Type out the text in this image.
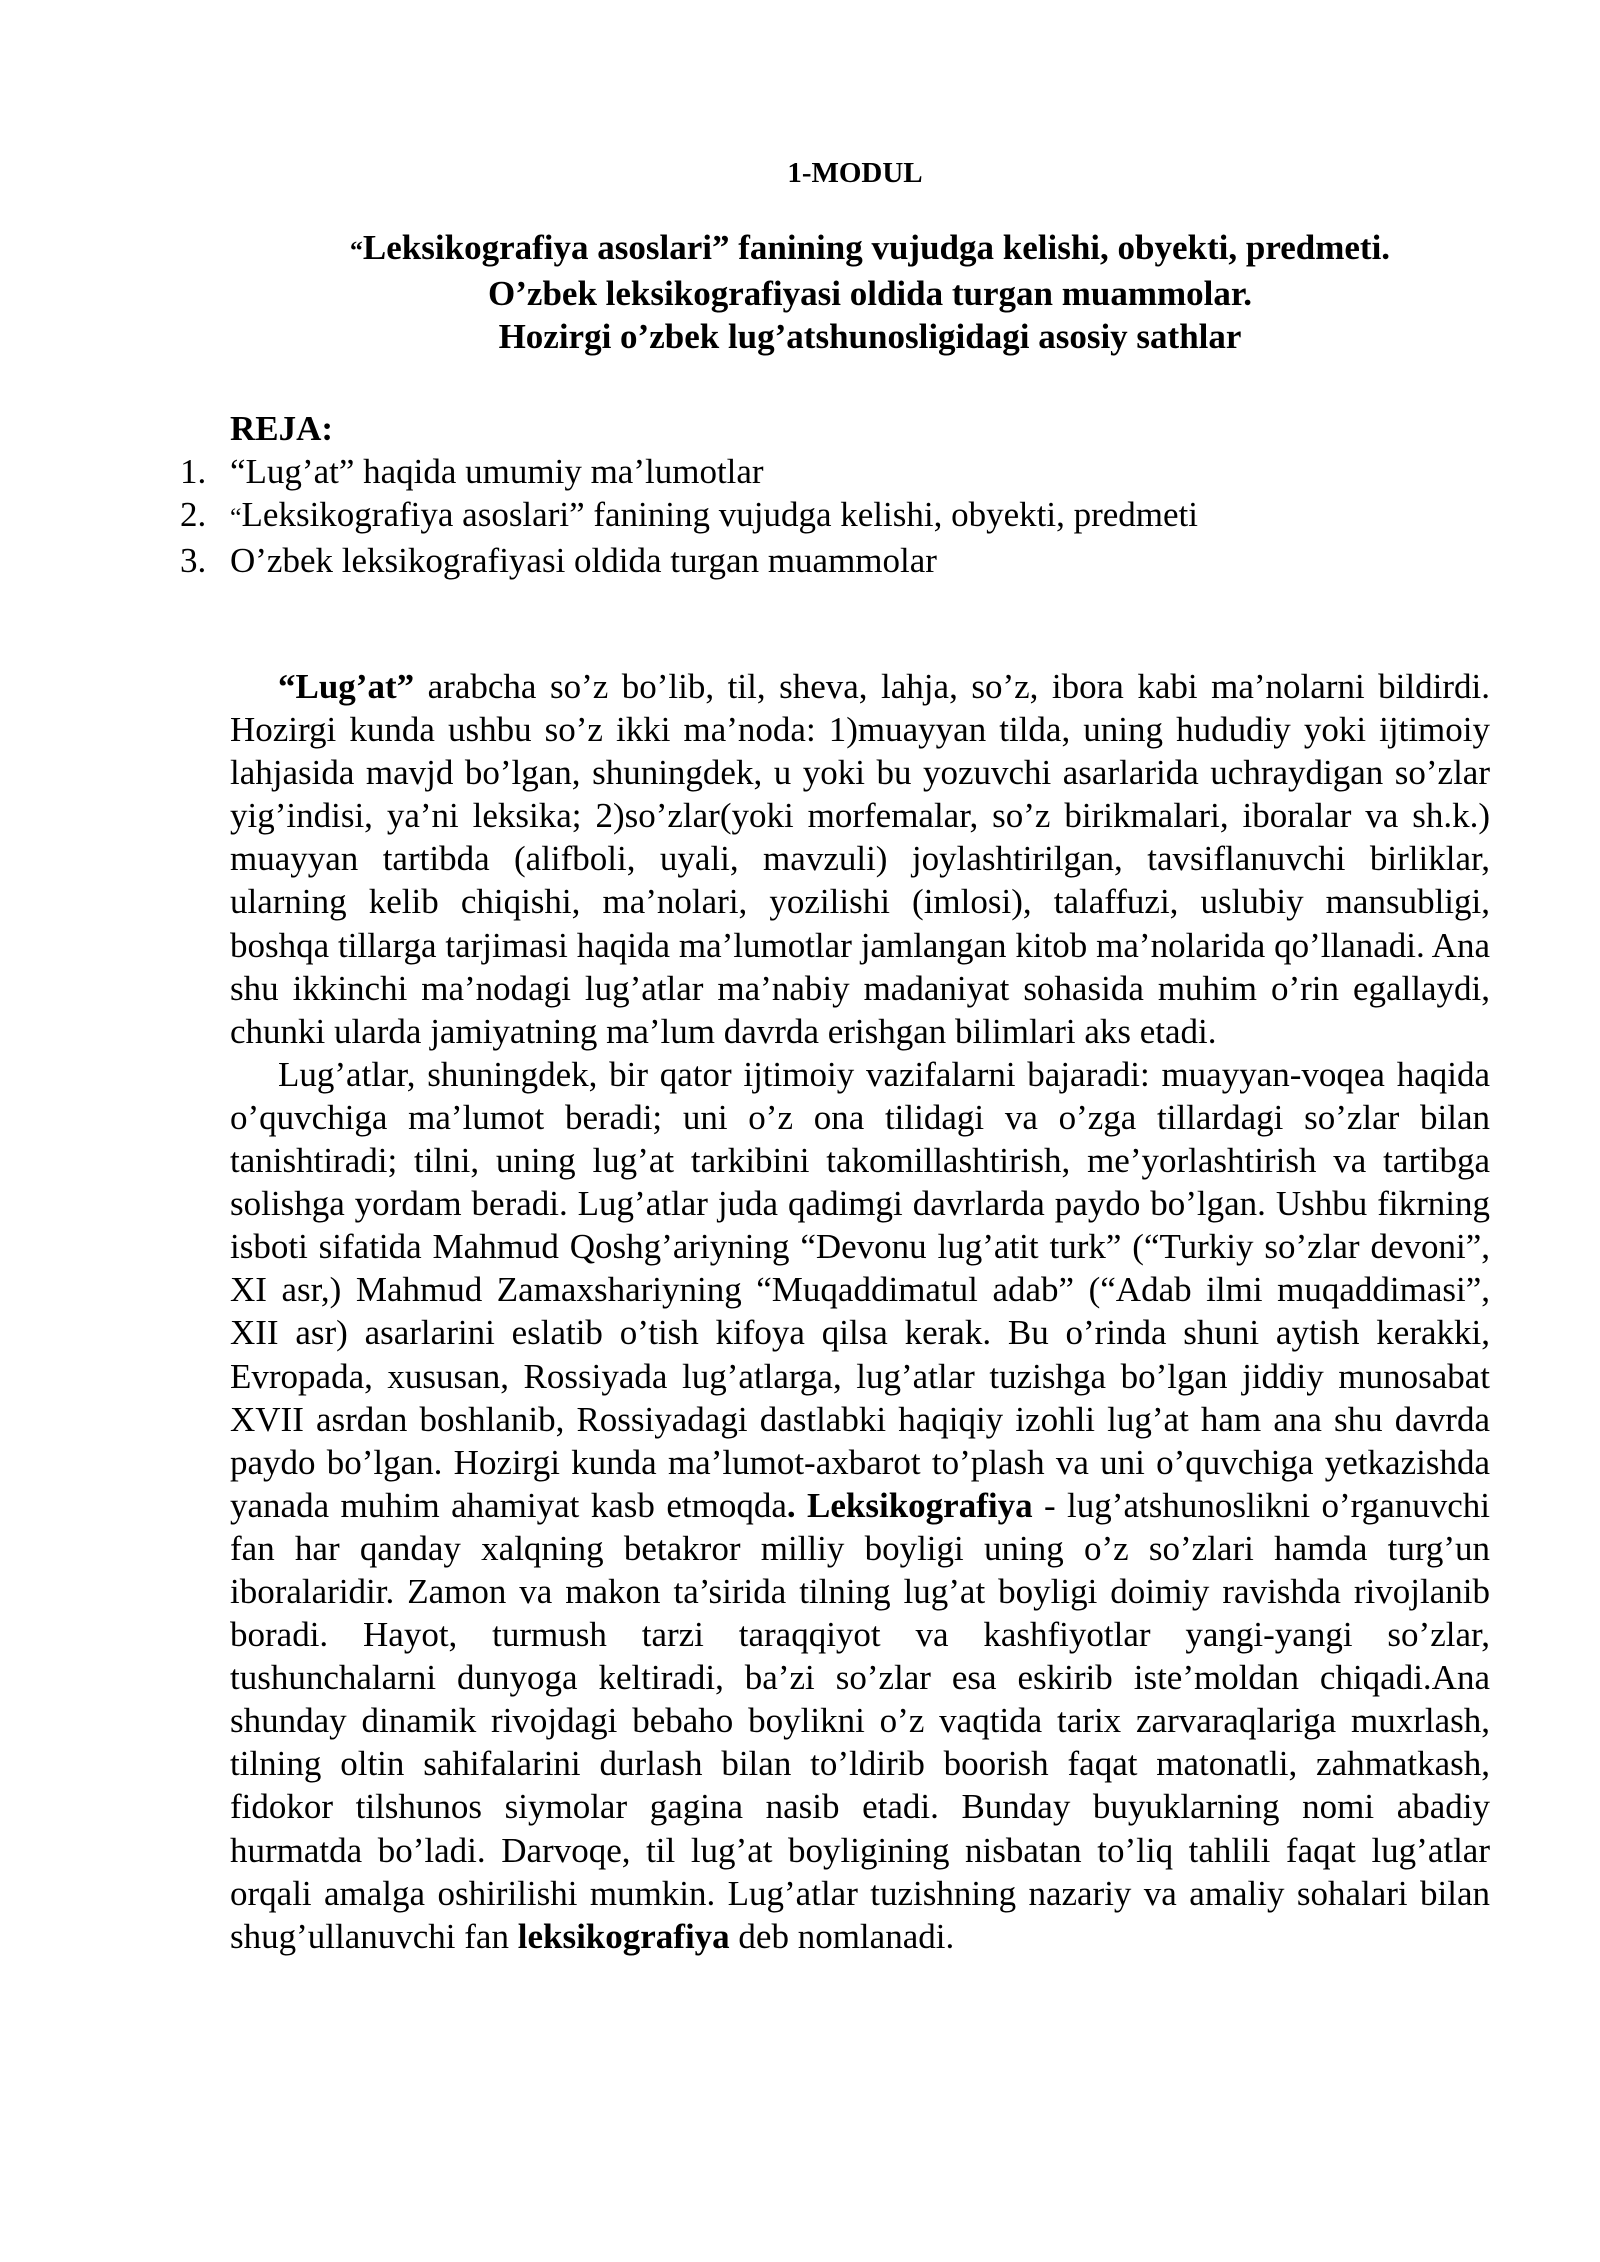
1-MODUL
“Leksikografiya asoslari” fanining vujudga kelishi, obyekti, predmeti.
O’zbek leksikografiyasi oldida turgan muammolar.
Hozirgi o’zbek lug’atshunosligidagi asosiy sathlar
REJA:
1. “Lug’at” haqida umumiy ma’lumotlar
2. “Leksikografiya asoslari” fanining vujudga kelishi, obyekti, predmeti
3. O’zbek leksikografiyasi oldida turgan muammolar

“Lug’at” arabcha so’z bo’lib, til, sheva, lahja, so’z, ibora kabi ma’nolarni bildirdi. Hozirgi kunda ushbu so’z ikki ma’noda: 1)muayyan tilda, uning hududiy yoki ijtimoiy lahjasida mavjd bo’lgan, shuningdek, u yoki bu yozuvchi asarlarida uchraydigan so’zlar yig’indisi, ya’ni leksika; 2)so’zlar(yoki morfemalar, so’z birikmalari, iboralar va sh.k.) muayyan tartibda (alifboli, uyali, mavzuli) joylashtirilgan, tavsiflanuvchi birliklar, ularning kelib chiqishi, ma’nolari, yozilishi (imlosi), talaffuzi, uslubiy mansubligi, boshqa tillarga tarjimasi haqida ma’lumotlar jamlangan kitob ma’nolarida qo’llanadi. Ana shu ikkinchi ma’nodagi lug’atlar ma’nabiy madaniyat sohasida muhim o’rin egallaydi, chunki ularda jamiyatning ma’lum davrda erishgan bilimlari aks etadi.

Lug’atlar, shuningdek, bir qator ijtimoiy vazifalarni bajaradi: muayyan-voqea haqida o’quvchiga ma’lumot beradi; uni o’z ona tilidagi va o’zga tillardagi so’zlar bilan tanishtiradi; tilni, uning lug’at tarkibini takomillashtirish, me’yorlashtirish va tartibga solishga yordam beradi. Lug’atlar juda qadimgi davrlarda paydo bo’lgan. Ushbu fikrning isboti sifatida Mahmud Qoshg’ariyning “Devonu lug’atit turk” (“Turkiy so’zlar devoni”, XI asr,) Mahmud Zamaxshariyning “Muqaddimatul adab” (“Adab ilmi muqaddimasi”, XII asr) asarlarini eslatib o’tish kifoya qilsa kerak. Bu o’rinda shuni aytish kerakki, Evropada, xususan, Rossiyada lug’atlarga, lug’atlar tuzishga bo’lgan jiddiy munosabat XVII asrdan boshlanib, Rossiyadagi dastlabki haqiqiy izohli lug’at ham ana shu davrda paydo bo’lgan. Hozirgi kunda ma’lumot-axbarot to’plash va uni o’quvchiga yetkazishda yanada muhim ahamiyat kasb etmoqda. Leksikografiya - lug’atshunoslikni o’rganuvchi fan har qanday xalqning betakror milliy boyligi uning o’z so’zlari hamda turg’un iboralaridir. Zamon va makon ta’sirida tilning lug’at boyligi doimiy ravishda rivojlanib boradi. Hayot, turmush tarzi taraqqiyot va kashfiyotlar yangi-yangi so’zlar, tushunchalarni dunyoga keltiradi, ba’zi so’zlar esa eskirib iste’moldan chiqadi.Ana shunday dinamik rivojdagi bebaho boylikni o’z vaqtida tarix zarvaraqlariga muxrlash, tilning oltin sahifalarini durlash bilan to’ldirib boorish faqat matonatli, zahmatkash, fidokor tilshunos siymolar gagina nasib etadi. Bunday buyuklarning nomi abadiy hurmatda bo’ladi. Darvoqe, til lug’at boyligining nisbatan to’liq tahlili faqat lug’atlar orqali amalga oshirilishi mumkin. Lug’atlar tuzishning nazariy va amaliy sohalari bilan shug’ullanuvchi fan leksikografiya deb nomlanadi.
